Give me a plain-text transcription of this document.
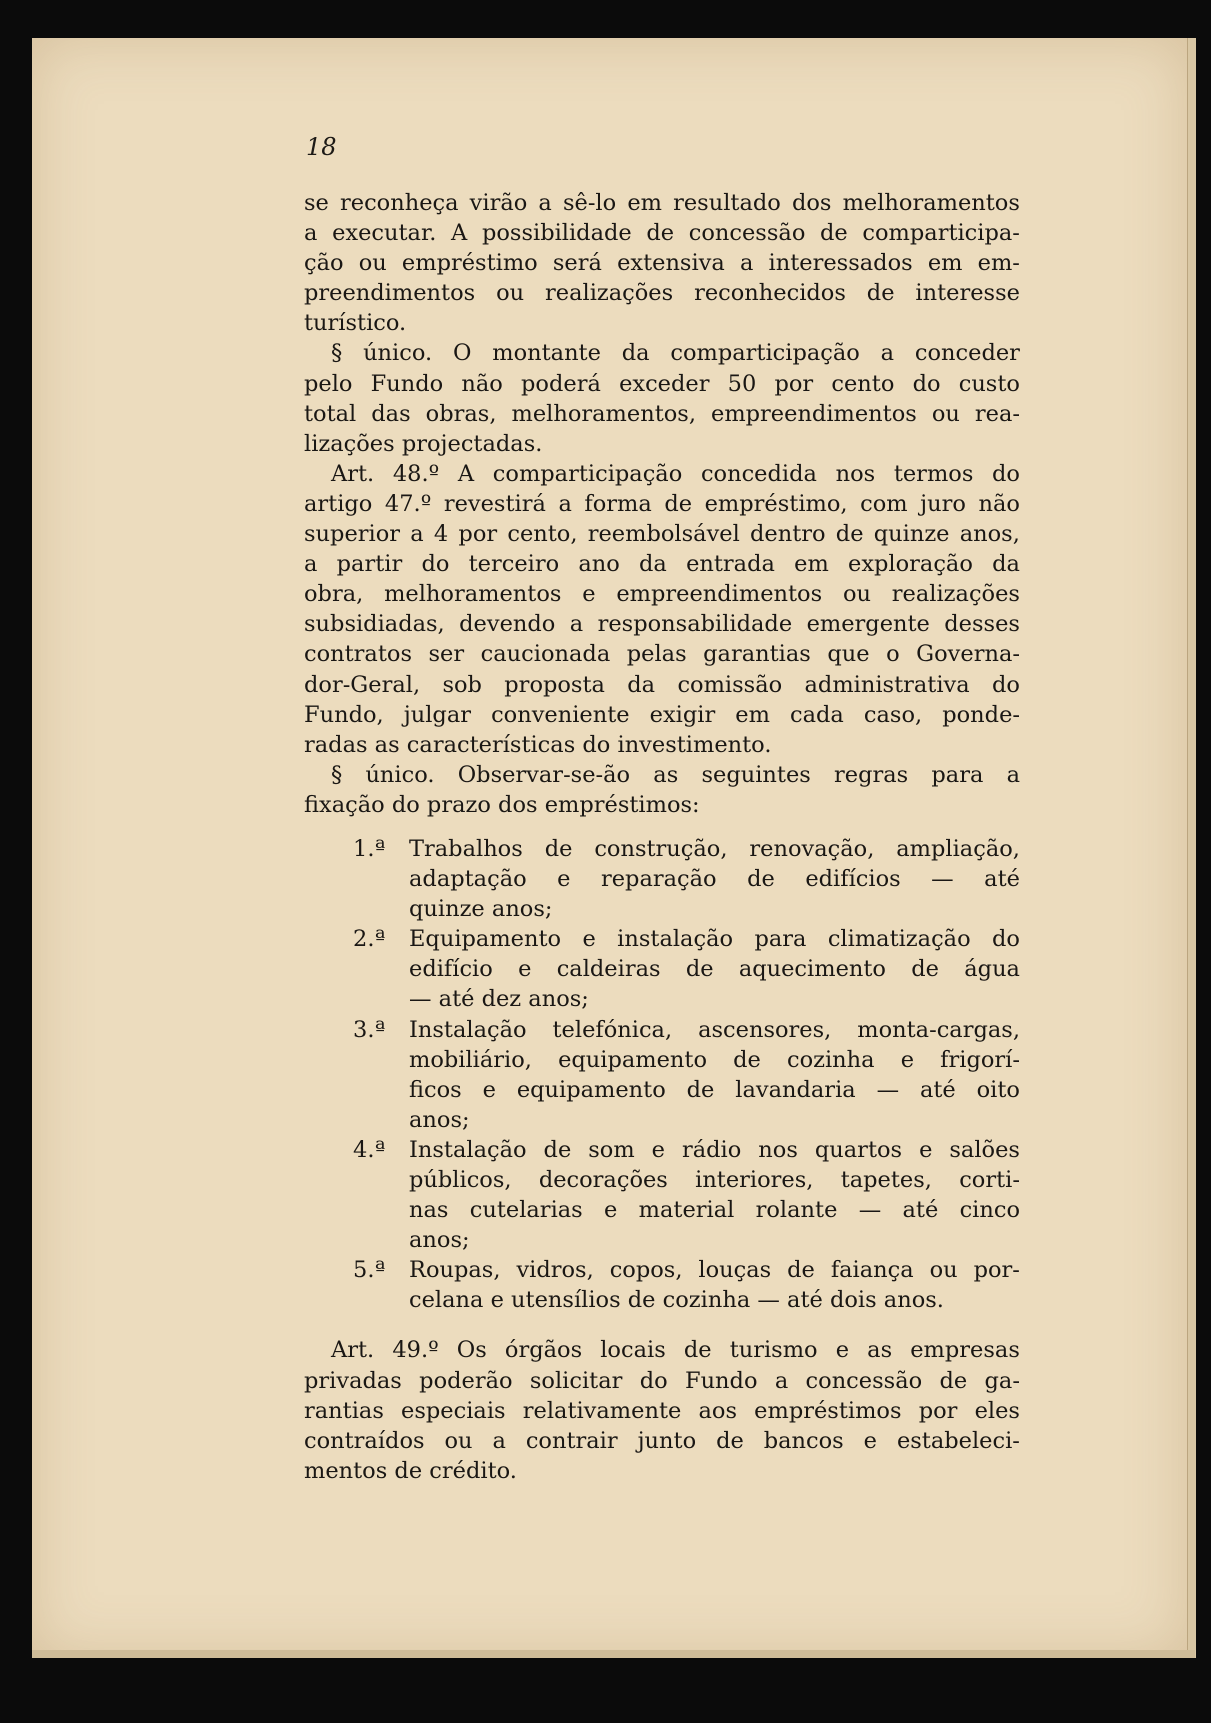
18
se reconheça virão a sê-lo em resultado dos melhoramentos
a executar. A possibilidade de concessão de comparticipa-
ção ou empréstimo será extensiva a interessados em em-
preendimentos ou realizações reconhecidos de interesse
turístico.
§ único. O montante da comparticipação a conceder
pelo Fundo não poderá exceder 50 por cento do custo
total das obras, melhoramentos, empreendimentos ou rea-
lizações projectadas.
Art. 48.º A comparticipação concedida nos termos do
artigo 47.º revestirá a forma de empréstimo, com juro não
superior a 4 por cento, reembolsável dentro de quinze anos,
a partir do terceiro ano da entrada em exploração da
obra, melhoramentos e empreendimentos ou realizações
subsidiadas, devendo a responsabilidade emergente desses
contratos ser caucionada pelas garantias que o Governa-
dor-Geral, sob proposta da comissão administrativa do
Fundo, julgar conveniente exigir em cada caso, ponde-
radas as características do investimento.
§ único. Observar-se-ão as seguintes regras para a
fixação do prazo dos empréstimos:
1.ª	Trabalhos de construção, renovação, ampliação,
adaptação e reparação de edifícios — até
quinze anos;
2.ª	Equipamento e instalação para climatização do
edifício e caldeiras de aquecimento de água
— até dez anos;
3.ª	Instalação telefónica, ascensores, monta-cargas,
mobiliário, equipamento de cozinha e frigorí-
ficos e equipamento de lavandaria — até oito
anos;
4.ª	Instalação de som e rádio nos quartos e salões
públicos, decorações interiores, tapetes, corti-
nas cutelarias e material rolante — até cinco
anos;
5.ª	Roupas, vidros, copos, louças de faiança ou por-
celana e utensílios de cozinha — até dois anos.
Art. 49.º Os órgãos locais de turismo e as empresas
privadas poderão solicitar do Fundo a concessão de ga-
rantias especiais relativamente aos empréstimos por eles
contraídos ou a contrair junto de bancos e estabeleci-
mentos de crédito.
